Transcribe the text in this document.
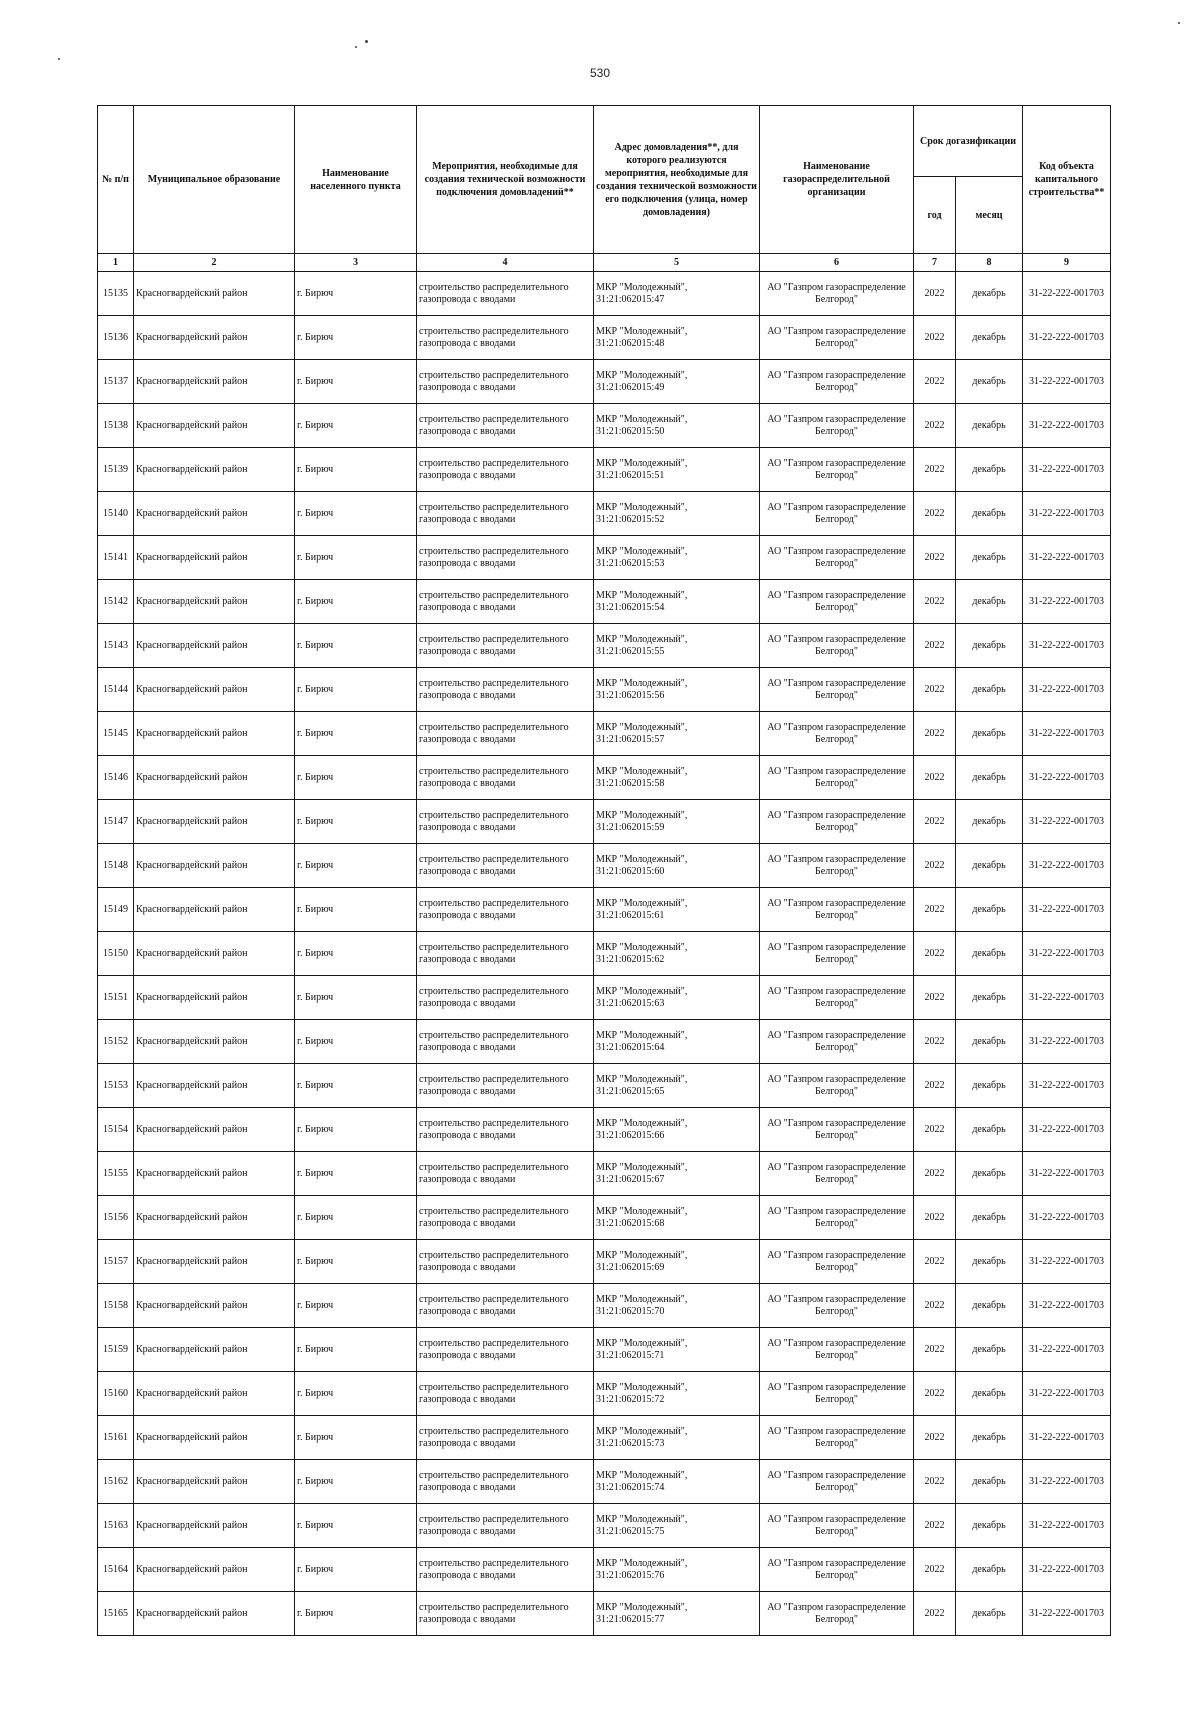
530
№ п/п	Муниципальное образование	Наименование населенного пункта	Мероприятия, необходимые для создания технической возможности подключения домовладений**	Адрес домовладения**, для которого реализуются мероприятия, необходимые для создания технической возможности его подключения (улица, номер домовладения)	Наименование газораспределительной организации	Срок догазификации		Код объекта капитального строительства**
						год	месяц	
1	2	3	4	5	6	7	8	9
15135	Красногвардейский район	г. Бирюч	строительство распределительного газопровода с вводами	МКР "Молодежный", 31:21:062015:47	АО "Газпром газораспределение Белгород"	2022	декабрь	31-22-222-001703
15136	Красногвардейский район	г. Бирюч	строительство распределительного газопровода с вводами	МКР "Молодежный", 31:21:062015:48	АО "Газпром газораспределение Белгород"	2022	декабрь	31-22-222-001703
15137	Красногвардейский район	г. Бирюч	строительство распределительного газопровода с вводами	МКР "Молодежный", 31:21:062015:49	АО "Газпром газораспределение Белгород"	2022	декабрь	31-22-222-001703
15138	Красногвардейский район	г. Бирюч	строительство распределительного газопровода с вводами	МКР "Молодежный", 31:21:062015:50	АО "Газпром газораспределение Белгород"	2022	декабрь	31-22-222-001703
15139	Красногвардейский район	г. Бирюч	строительство распределительного газопровода с вводами	МКР "Молодежный", 31:21:062015:51	АО "Газпром газораспределение Белгород"	2022	декабрь	31-22-222-001703
15140	Красногвардейский район	г. Бирюч	строительство распределительного газопровода с вводами	МКР "Молодежный", 31:21:062015:52	АО "Газпром газораспределение Белгород"	2022	декабрь	31-22-222-001703
15141	Красногвардейский район	г. Бирюч	строительство распределительного газопровода с вводами	МКР "Молодежный", 31:21:062015:53	АО "Газпром газораспределение Белгород"	2022	декабрь	31-22-222-001703
15142	Красногвардейский район	г. Бирюч	строительство распределительного газопровода с вводами	МКР "Молодежный", 31:21:062015:54	АО "Газпром газораспределение Белгород"	2022	декабрь	31-22-222-001703
15143	Красногвардейский район	г. Бирюч	строительство распределительного газопровода с вводами	МКР "Молодежный", 31:21:062015:55	АО "Газпром газораспределение Белгород"	2022	декабрь	31-22-222-001703
15144	Красногвардейский район	г. Бирюч	строительство распределительного газопровода с вводами	МКР "Молодежный", 31:21:062015:56	АО "Газпром газораспределение Белгород"	2022	декабрь	31-22-222-001703
15145	Красногвардейский район	г. Бирюч	строительство распределительного газопровода с вводами	МКР "Молодежный", 31:21:062015:57	АО "Газпром газораспределение Белгород"	2022	декабрь	31-22-222-001703
15146	Красногвардейский район	г. Бирюч	строительство распределительного газопровода с вводами	МКР "Молодежный", 31:21:062015:58	АО "Газпром газораспределение Белгород"	2022	декабрь	31-22-222-001703
15147	Красногвардейский район	г. Бирюч	строительство распределительного газопровода с вводами	МКР "Молодежный", 31:21:062015:59	АО "Газпром газораспределение Белгород"	2022	декабрь	31-22-222-001703
15148	Красногвардейский район	г. Бирюч	строительство распределительного газопровода с вводами	МКР "Молодежный", 31:21:062015:60	АО "Газпром газораспределение Белгород"	2022	декабрь	31-22-222-001703
15149	Красногвардейский район	г. Бирюч	строительство распределительного газопровода с вводами	МКР "Молодежный", 31:21:062015:61	АО "Газпром газораспределение Белгород"	2022	декабрь	31-22-222-001703
15150	Красногвардейский район	г. Бирюч	строительство распределительного газопровода с вводами	МКР "Молодежный", 31:21:062015:62	АО "Газпром газораспределение Белгород"	2022	декабрь	31-22-222-001703
15151	Красногвардейский район	г. Бирюч	строительство распределительного газопровода с вводами	МКР "Молодежный", 31:21:062015:63	АО "Газпром газораспределение Белгород"	2022	декабрь	31-22-222-001703
15152	Красногвардейский район	г. Бирюч	строительство распределительного газопровода с вводами	МКР "Молодежный", 31:21:062015:64	АО "Газпром газораспределение Белгород"	2022	декабрь	31-22-222-001703
15153	Красногвардейский район	г. Бирюч	строительство распределительного газопровода с вводами	МКР "Молодежный", 31:21:062015:65	АО "Газпром газораспределение Белгород"	2022	декабрь	31-22-222-001703
15154	Красногвардейский район	г. Бирюч	строительство распределительного газопровода с вводами	МКР "Молодежный", 31:21:062015:66	АО "Газпром газораспределение Белгород"	2022	декабрь	31-22-222-001703
15155	Красногвардейский район	г. Бирюч	строительство распределительного газопровода с вводами	МКР "Молодежный", 31:21:062015:67	АО "Газпром газораспределение Белгород"	2022	декабрь	31-22-222-001703
15156	Красногвардейский район	г. Бирюч	строительство распределительного газопровода с вводами	МКР "Молодежный", 31:21:062015:68	АО "Газпром газораспределение Белгород"	2022	декабрь	31-22-222-001703
15157	Красногвардейский район	г. Бирюч	строительство распределительного газопровода с вводами	МКР "Молодежный", 31:21:062015:69	АО "Газпром газораспределение Белгород"	2022	декабрь	31-22-222-001703
15158	Красногвардейский район	г. Бирюч	строительство распределительного газопровода с вводами	МКР "Молодежный", 31:21:062015:70	АО "Газпром газораспределение Белгород"	2022	декабрь	31-22-222-001703
15159	Красногвардейский район	г. Бирюч	строительство распределительного газопровода с вводами	МКР "Молодежный", 31:21:062015:71	АО "Газпром газораспределение Белгород"	2022	декабрь	31-22-222-001703
15160	Красногвардейский район	г. Бирюч	строительство распределительного газопровода с вводами	МКР "Молодежный", 31:21:062015:72	АО "Газпром газораспределение Белгород"	2022	декабрь	31-22-222-001703
15161	Красногвардейский район	г. Бирюч	строительство распределительного газопровода с вводами	МКР "Молодежный", 31:21:062015:73	АО "Газпром газораспределение Белгород"	2022	декабрь	31-22-222-001703
15162	Красногвардейский район	г. Бирюч	строительство распределительного газопровода с вводами	МКР "Молодежный", 31:21:062015:74	АО "Газпром газораспределение Белгород"	2022	декабрь	31-22-222-001703
15163	Красногвардейский район	г. Бирюч	строительство распределительного газопровода с вводами	МКР "Молодежный", 31:21:062015:75	АО "Газпром газораспределение Белгород"	2022	декабрь	31-22-222-001703
15164	Красногвардейский район	г. Бирюч	строительство распределительного газопровода с вводами	МКР "Молодежный", 31:21:062015:76	АО "Газпром газораспределение Белгород"	2022	декабрь	31-22-222-001703
15165	Красногвардейский район	г. Бирюч	строительство распределительного газопровода с вводами	МКР "Молодежный", 31:21:062015:77	АО "Газпром газораспределение Белгород"	2022	декабрь	31-22-222-001703
